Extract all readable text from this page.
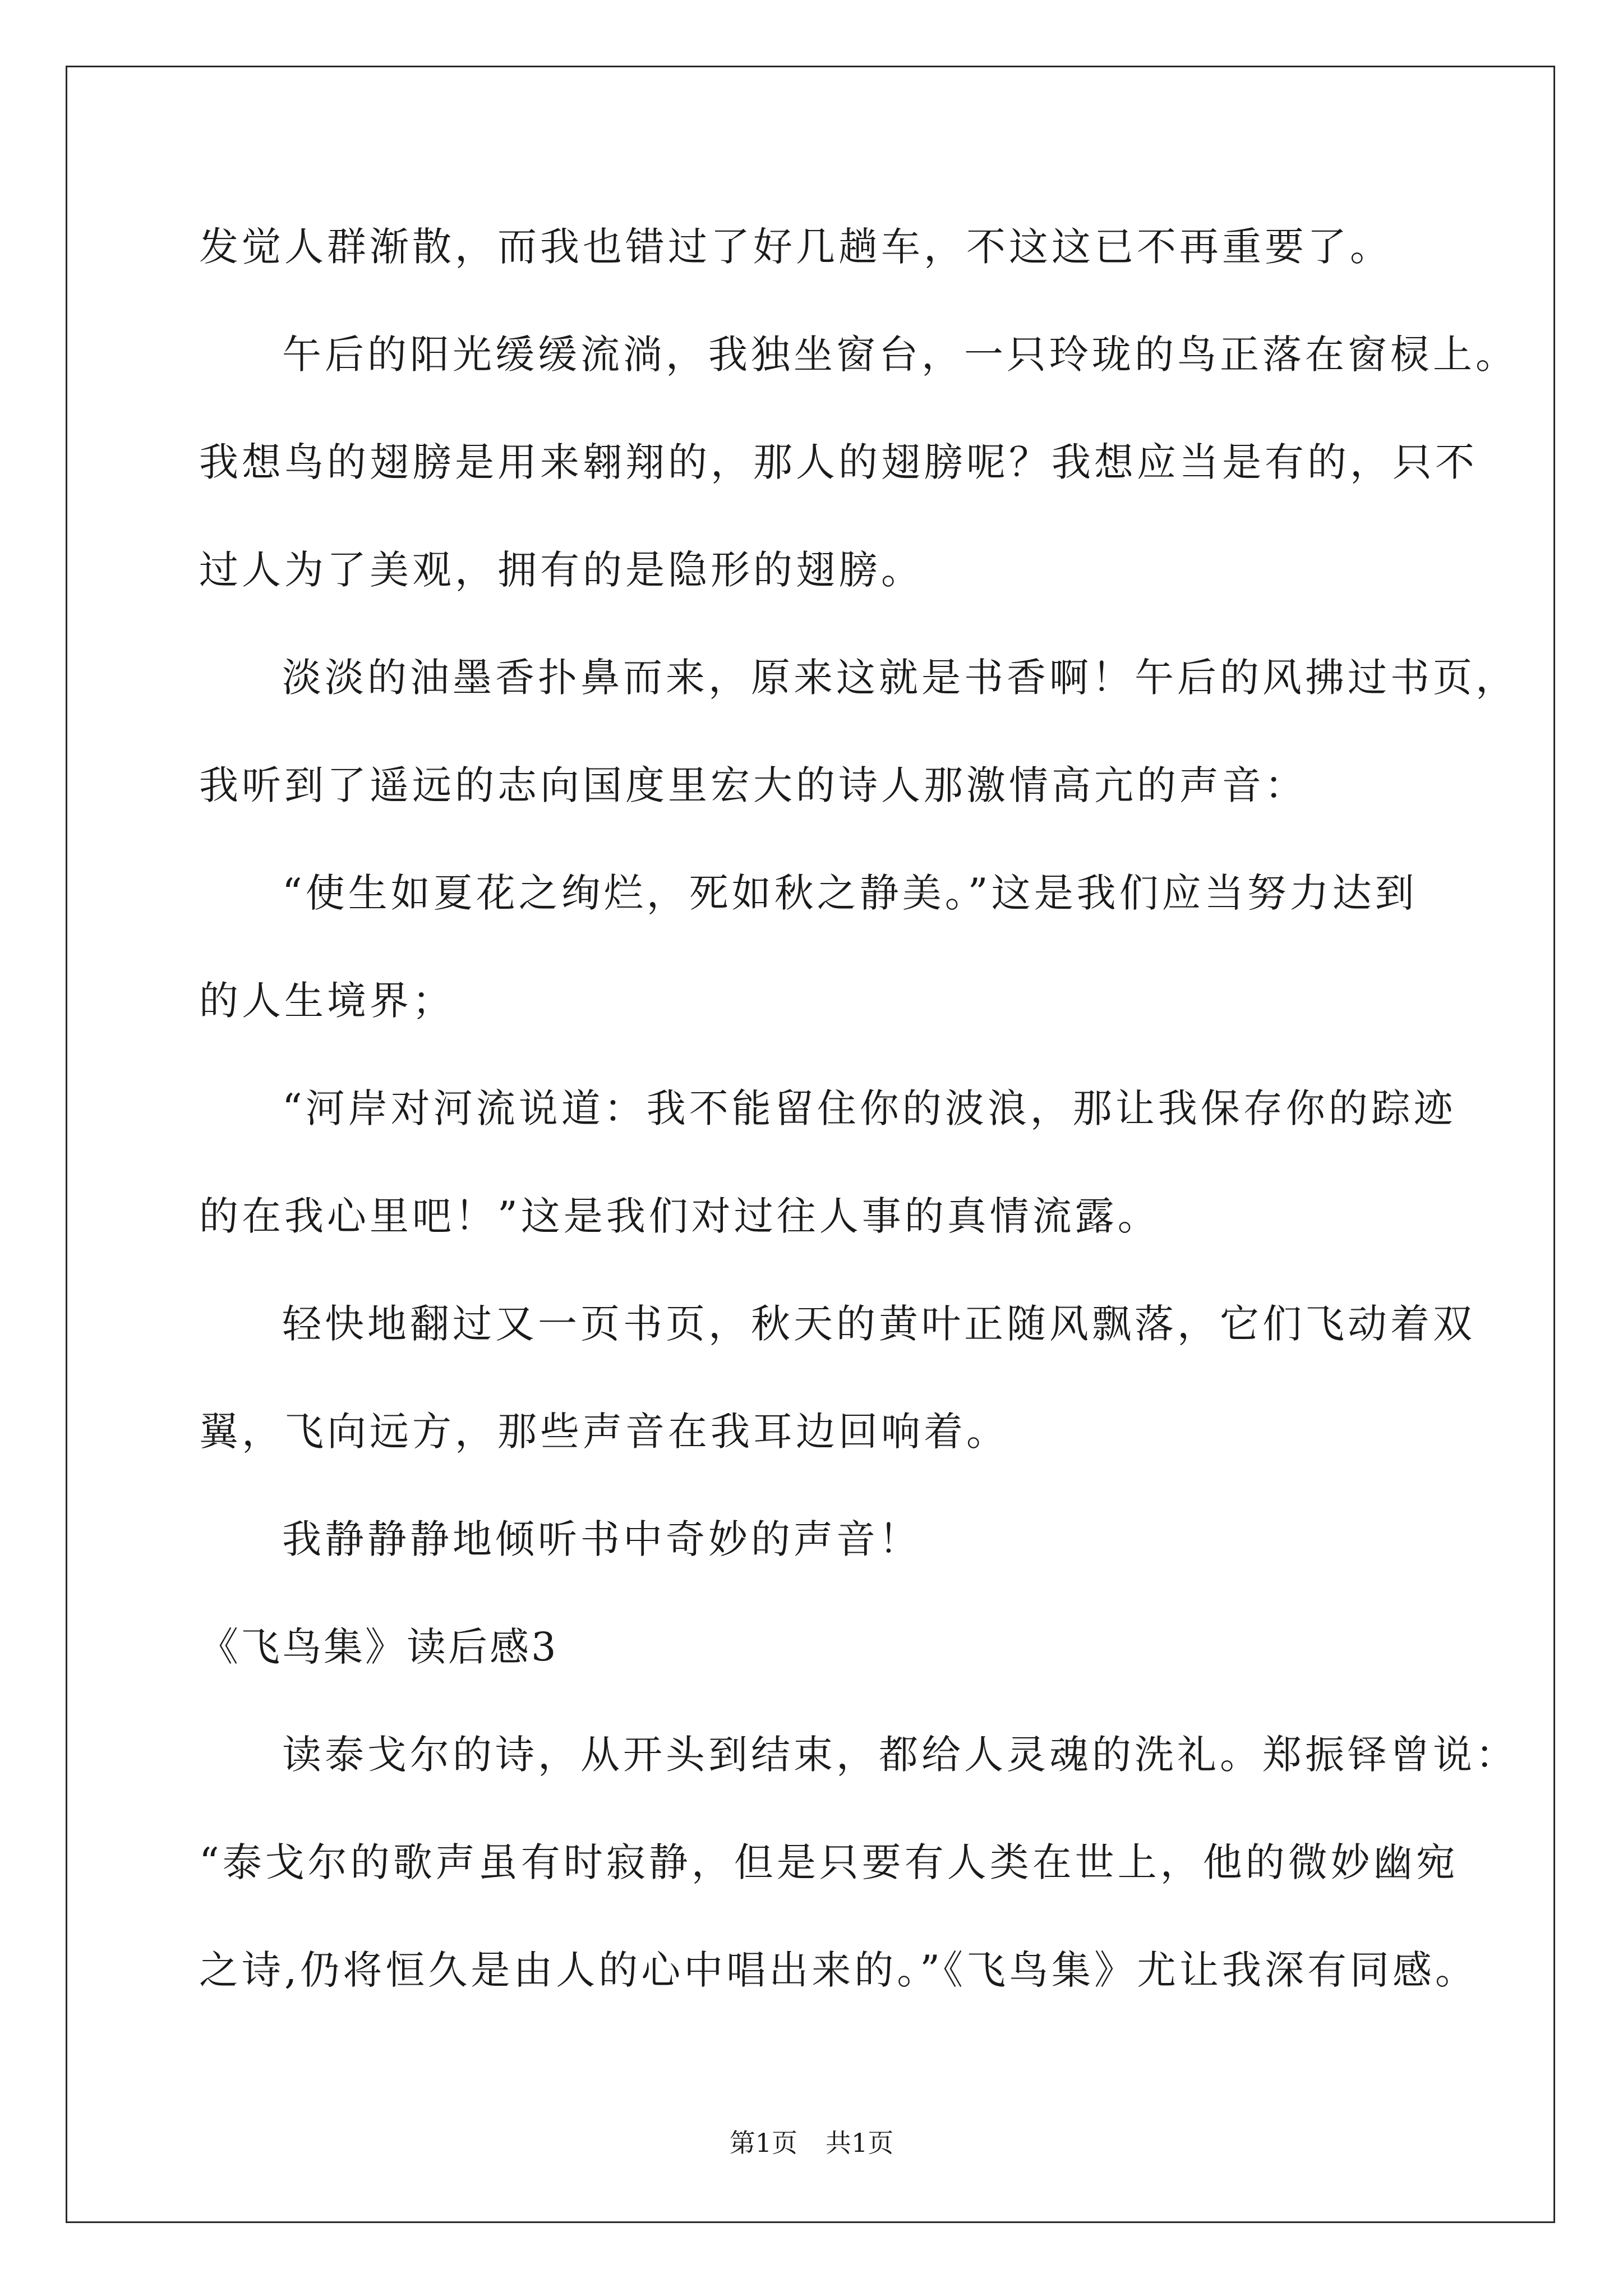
发觉人群渐散，而我也错过了好几趟车，不这这已不再重要了。
午后的阳光缓缓流淌，我独坐窗台，一只玲珑的鸟正落在窗棂上。
我想鸟的翅膀是用来翱翔的，那人的翅膀呢？我想应当是有的，只不
过人为了美观，拥有的是隐形的翅膀。
淡淡的油墨香扑鼻而来，原来这就是书香啊！午后的风拂过书页，
我听到了遥远的志向国度里宏大的诗人那激情高亢的声音：
“使生如夏花之绚烂，死如秋之静美。”这是我们应当努力达到
的人生境界；
“河岸对河流说道：我不能留住你的波浪，那让我保存你的踪迹
的在我心里吧！”这是我们对过往人事的真情流露。
轻快地翻过又一页书页，秋天的黄叶正随风飘落，它们飞动着双
翼，飞向远方，那些声音在我耳边回响着。
我静静静地倾听书中奇妙的声音！
《飞鸟集》读后感3
读泰戈尔的诗，从开头到结束，都给人灵魂的洗礼。郑振铎曾说：
“泰戈尔的歌声虽有时寂静，但是只要有人类在世上，他的微妙幽宛
之诗,仍将恒久是由人的心中唱出来的。”《飞鸟集》尤让我深有同感。
第1页 共1页
